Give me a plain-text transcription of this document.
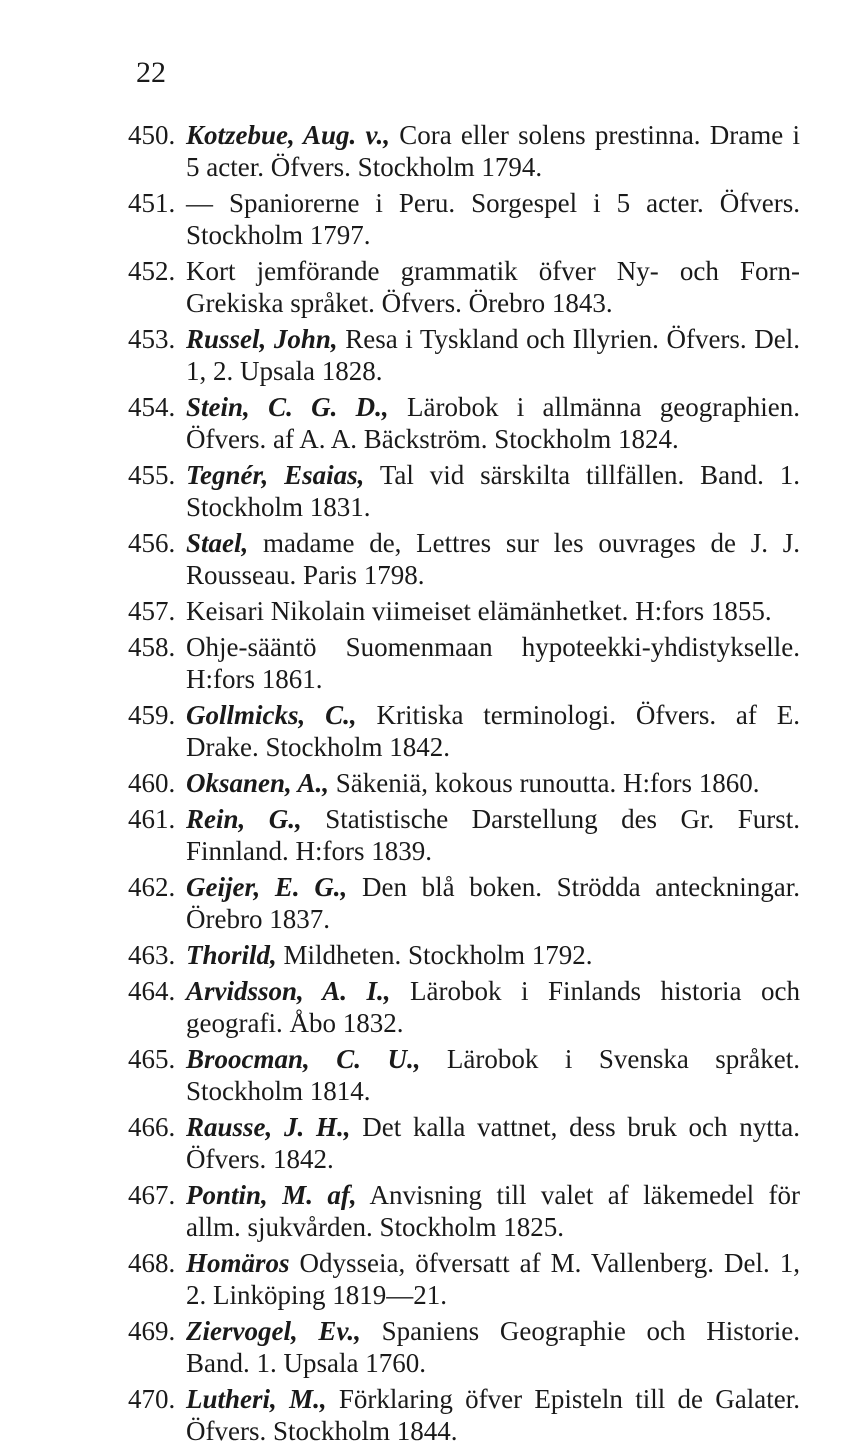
22
450. Kotzebue, Aug. v., Cora eller solens prestinna. Drame i 5 acter. Öfvers. Stockholm 1794.
451. — Spaniorerne i Peru. Sorgespel i 5 acter. Öfvers. Stockholm 1797.
452. Kort jemförande grammatik öfver Ny- och Forn-Grekiska språket. Öfvers. Örebro 1843.
453. Russel, John, Resa i Tyskland och Illyrien. Öfvers. Del. 1, 2. Upsala 1828.
454. Stein, C. G. D., Lärobok i allmänna geographien. Öfvers. af A. A. Bäckström. Stockholm 1824.
455. Tegnér, Esaias, Tal vid särskilta tillfällen. Band. 1. Stockholm 1831.
456. Stael, madame de, Lettres sur les ouvrages de J. J. Rousseau. Paris 1798.
457. Keisari Nikolain viimeiset elämänhetket. H:fors 1855.
458. Ohje-sääntö Suomenmaan hypoteekki-yhdistykselle. H:fors 1861.
459. Gollmicks, C., Kritiska terminologi. Öfvers. af E. Drake. Stockholm 1842.
460. Oksanen, A., Säkeniä, kokous runoutta. H:fors 1860.
461. Rein, G., Statistische Darstellung des Gr. Furst. Finnland. H:fors 1839.
462. Geijer, E. G., Den blå boken. Strödda anteckningar. Örebro 1837.
463. Thorild, Mildheten. Stockholm 1792.
464. Arvidsson, A. I., Lärobok i Finlands historia och geografi. Åbo 1832.
465. Broocman, C. U., Lärobok i Svenska språket. Stockholm 1814.
466. Rausse, J. H., Det kalla vattnet, dess bruk och nytta. Öfvers. 1842.
467. Pontin, M. af, Anvisning till valet af läkemedel för allm. sjukvården. Stockholm 1825.
468. Homäros Odysseia, öfversatt af M. Vallenberg. Del. 1, 2. Linköping 1819—21.
469. Ziervogel, Ev., Spaniens Geographie och Historie. Band. 1. Upsala 1760.
470. Lutheri, M., Förklaring öfver Episteln till de Galater. Öfvers. Stockholm 1844.
